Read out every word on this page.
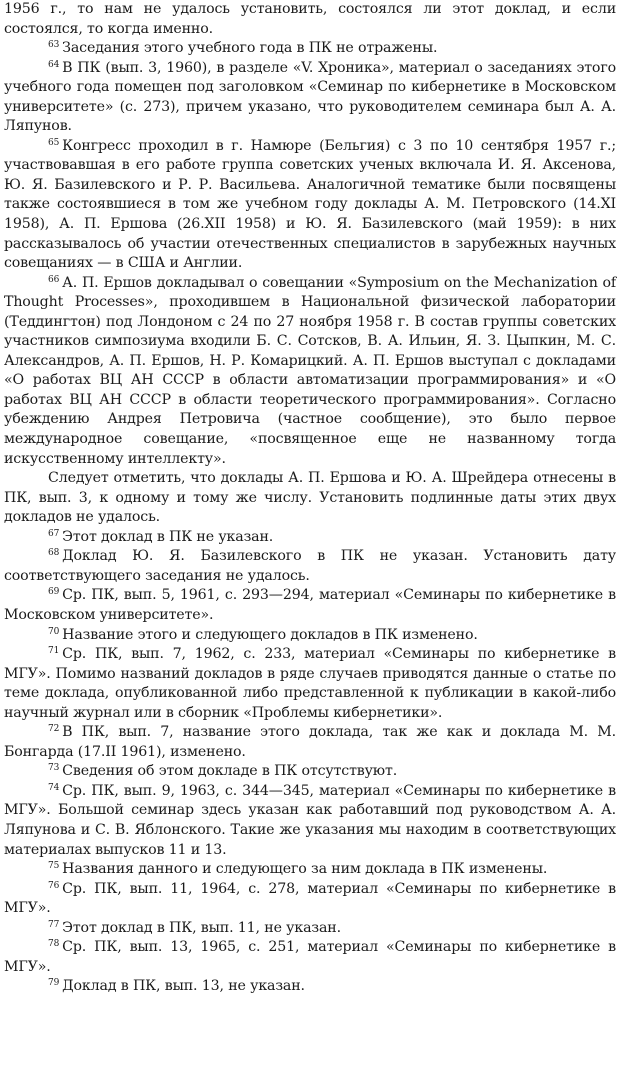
1956 г., то нам не удалось установить, состоялся ли этот доклад, и если состоялся, то когда именно.

$^{63}$ Заседания этого учебного года в ПК не отражены.

$^{64}$ В ПК (вып. 3, 1960), в разделе «V. Хроника», материал о заседаниях этого учебного года помещен под заголовком «Семинар по кибернетике в Московском университете» (с. 273), причем указано, что руководителем семинара был А. А. Ляпунов.

$^{65}$ Конгресс проходил в г. Намюре (Бельгия) с 3 по 10 сентября 1957 г.; участвовавшая в его работе группа советских ученых включала И. Я. Аксенова, Ю. Я. Базилевского и Р. Р. Васильева. Аналогичной тематике были посвящены также состоявшиеся в том же учебном году доклады А. М. Петровского (14.XI 1958), А. П. Ершова (26.XII 1958) и Ю. Я. Базилевского (май 1959): в них рассказывалось об участии отечественных специалистов в зарубежных научных совещаниях — в США и Англии.

$^{66}$ А. П. Ершов докладывал о совещании «Symposium on the Mechanization of Thought Processes», проходившем в Национальной физической лаборатории (Теддингтон) под Лондоном с 24 по 27 ноября 1958 г. В состав группы советских участников симпозиума входили Б. С. Сотсков, В. А. Ильин, Я. З. Цыпкин, М. С. Александров, А. П. Ершов, Н. Р. Комарицкий. А. П. Ершов выступал с докладами «О работах ВЦ АН СССР в области автоматизации программирования» и «О работах ВЦ АН СССР в области теоретического программирования». Согласно убеждению Андрея Петровича (частное сообщение), это было первое международное совещание, «посвященное еще не названному тогда искусственному интеллекту».

Следует отметить, что доклады А. П. Ершова и Ю. А. Шрейдера отнесены в ПК, вып. 3, к одному и тому же числу. Установить подлинные даты этих двух докладов не удалось.

$^{67}$ Этот доклад в ПК не указан.

$^{68}$ Доклад Ю. Я. Базилевского в ПК не указан. Установить дату соответствующего заседания не удалось.

$^{69}$ Ср. ПК, вып. 5, 1961, с. 293—294, материал «Семинары по кибернетике в Московском университете».

$^{70}$ Название этого и следующего докладов в ПК изменено.

$^{71}$ Ср. ПК, вып. 7, 1962, с. 233, материал «Семинары по кибернетике в МГУ». Помимо названий докладов в ряде случаев приводятся данные о статье по теме доклада, опубликованной либо представленной к публикации в какой-либо научный журнал или в сборник «Проблемы кибернетики».

$^{72}$ В ПК, вып. 7, название этого доклада, так же как и доклада М. М. Бонгарда (17.II 1961), изменено.

$^{73}$ Сведения об этом докладе в ПК отсутствуют.

$^{74}$ Ср. ПК, вып. 9, 1963, с. 344—345, материал «Семинары по кибернетике в МГУ». Большой семинар здесь указан как работавший под руководством А. А. Ляпунова и С. В. Яблонского. Такие же указания мы находим в соответствующих материалах выпусков 11 и 13.

$^{75}$ Названия данного и следующего за ним доклада в ПК изменены.

$^{76}$ Ср. ПК, вып. 11, 1964, с. 278, материал «Семинары по кибернетике в МГУ».

$^{77}$ Этот доклад в ПК, вып. 11, не указан.

$^{78}$ Ср. ПК, вып. 13, 1965, с. 251, материал «Семинары по кибернетике в МГУ».

$^{79}$ Доклад в ПК, вып. 13, не указан.
